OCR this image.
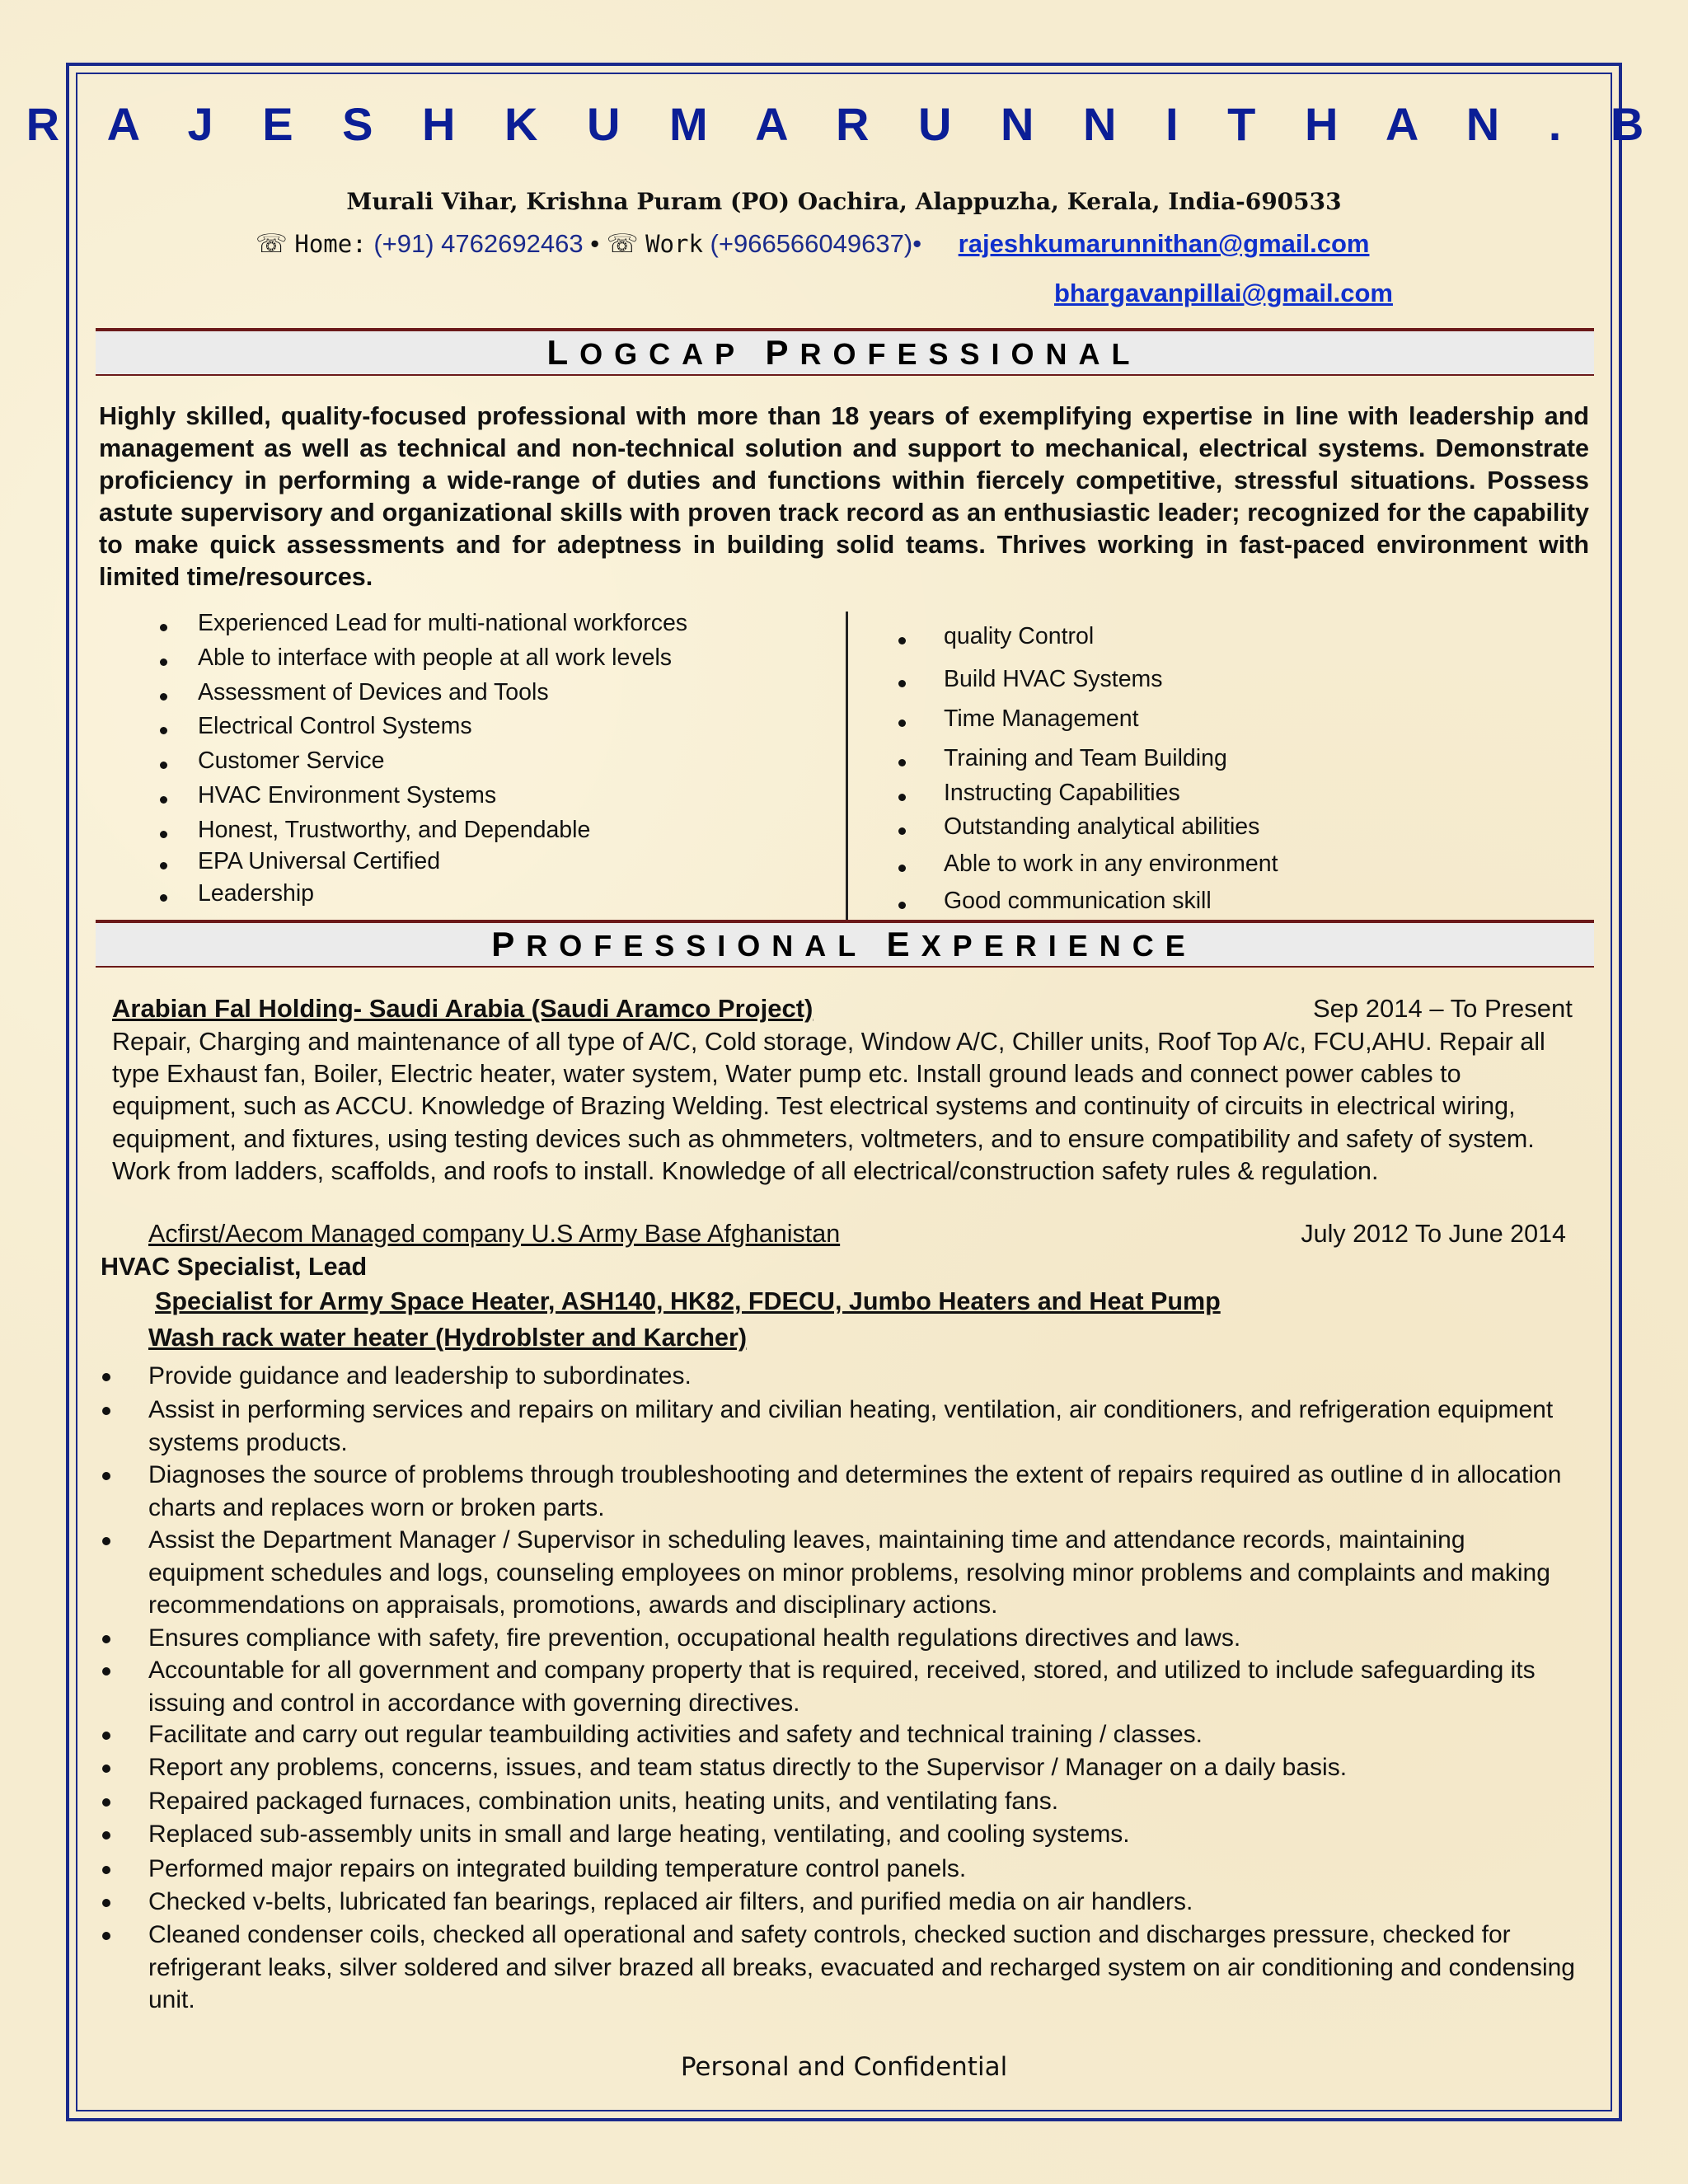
R A J E S H K U M A R U N N I T H A N . B
Murali Vihar, Krishna Puram (PO) Oachira, Alappuzha, Kerala, India-690533
☏ Home: (+91) 4762692463 • ☏ Work (+966566049637)• rajeshkumarunnithan@gmail.com
bhargavanpillai@gmail.com
LOGCAP PROFESSIONAL
Highly skilled, quality-focused professional with more than 18 years of exemplifying expertise in line with leadership and management as well as technical and non-technical solution and support to mechanical, electrical systems. Demonstrate proficiency in performing a wide-range of duties and functions within fiercely competitive, stressful situations. Possess astute supervisory and organizational skills with proven track record as an enthusiastic leader; recognized for the capability to make quick assessments and for adeptness in building solid teams. Thrives working in fast-paced environment with limited time/resources.
Experienced Lead for multi-national workforces
Able to interface with people at all work levels
Assessment of Devices and Tools
Electrical Control Systems
Customer Service
HVAC Environment Systems
Honest, Trustworthy, and Dependable
EPA Universal Certified
Leadership
quality Control
Build HVAC Systems
Time Management
Training and Team Building
Instructing Capabilities
Outstanding analytical abilities
Able to work in any environment
Good communication skill
PROFESSIONAL EXPERIENCE
Arabian Fal Holding- Saudi Arabia (Saudi Aramco Project)	Sep 2014 – To Present
Repair, Charging and maintenance of all type of A/C, Cold storage, Window A/C, Chiller units, Roof Top A/c, FCU,AHU. Repair all type Exhaust fan, Boiler, Electric heater, water system, Water pump etc. Install ground leads and connect power cables to equipment, such as ACCU. Knowledge of Brazing Welding. Test electrical systems and continuity of circuits in electrical wiring, equipment, and fixtures, using testing devices such as ohmmeters, voltmeters, and to ensure compatibility and safety of system. Work from ladders, scaffolds, and roofs to install. Knowledge of all electrical/construction safety rules & regulation.
Acfirst/Aecom Managed company U.S Army Base Afghanistan	July 2012 To June 2014
HVAC Specialist, Lead
Specialist for Army Space Heater, ASH140, HK82, FDECU, Jumbo Heaters and Heat Pump
Wash rack water heater (Hydroblster and Karcher)
Provide guidance and leadership to subordinates.
Assist in performing services and repairs on military and civilian heating, ventilation, air conditioners, and refrigeration equipment systems products.
Diagnoses the source of problems through troubleshooting and determines the extent of repairs required as outline d in allocation charts and replaces worn or broken parts.
Assist the Department Manager / Supervisor in scheduling leaves, maintaining time and attendance records, maintaining equipment schedules and logs, counseling employees on minor problems, resolving minor problems and complaints and making recommendations on appraisals, promotions, awards and disciplinary actions.
Ensures compliance with safety, fire prevention, occupational health regulations directives and laws.
Accountable for all government and company property that is required, received, stored, and utilized to include safeguarding its issuing and control in accordance with governing directives.
Facilitate and carry out regular teambuilding activities and safety and technical training / classes.
Report any problems, concerns, issues, and team status directly to the Supervisor / Manager on a daily basis.
Repaired packaged furnaces, combination units, heating units, and ventilating fans.
Replaced sub-assembly units in small and large heating, ventilating, and cooling systems.
Performed major repairs on integrated building temperature control panels.
Checked v-belts, lubricated fan bearings, replaced air filters, and purified media on air handlers.
Cleaned condenser coils, checked all operational and safety controls, checked suction and discharges pressure, checked for refrigerant leaks, silver soldered and silver brazed all breaks, evacuated and recharged system on air conditioning and condensing unit.
Personal and Confidential
